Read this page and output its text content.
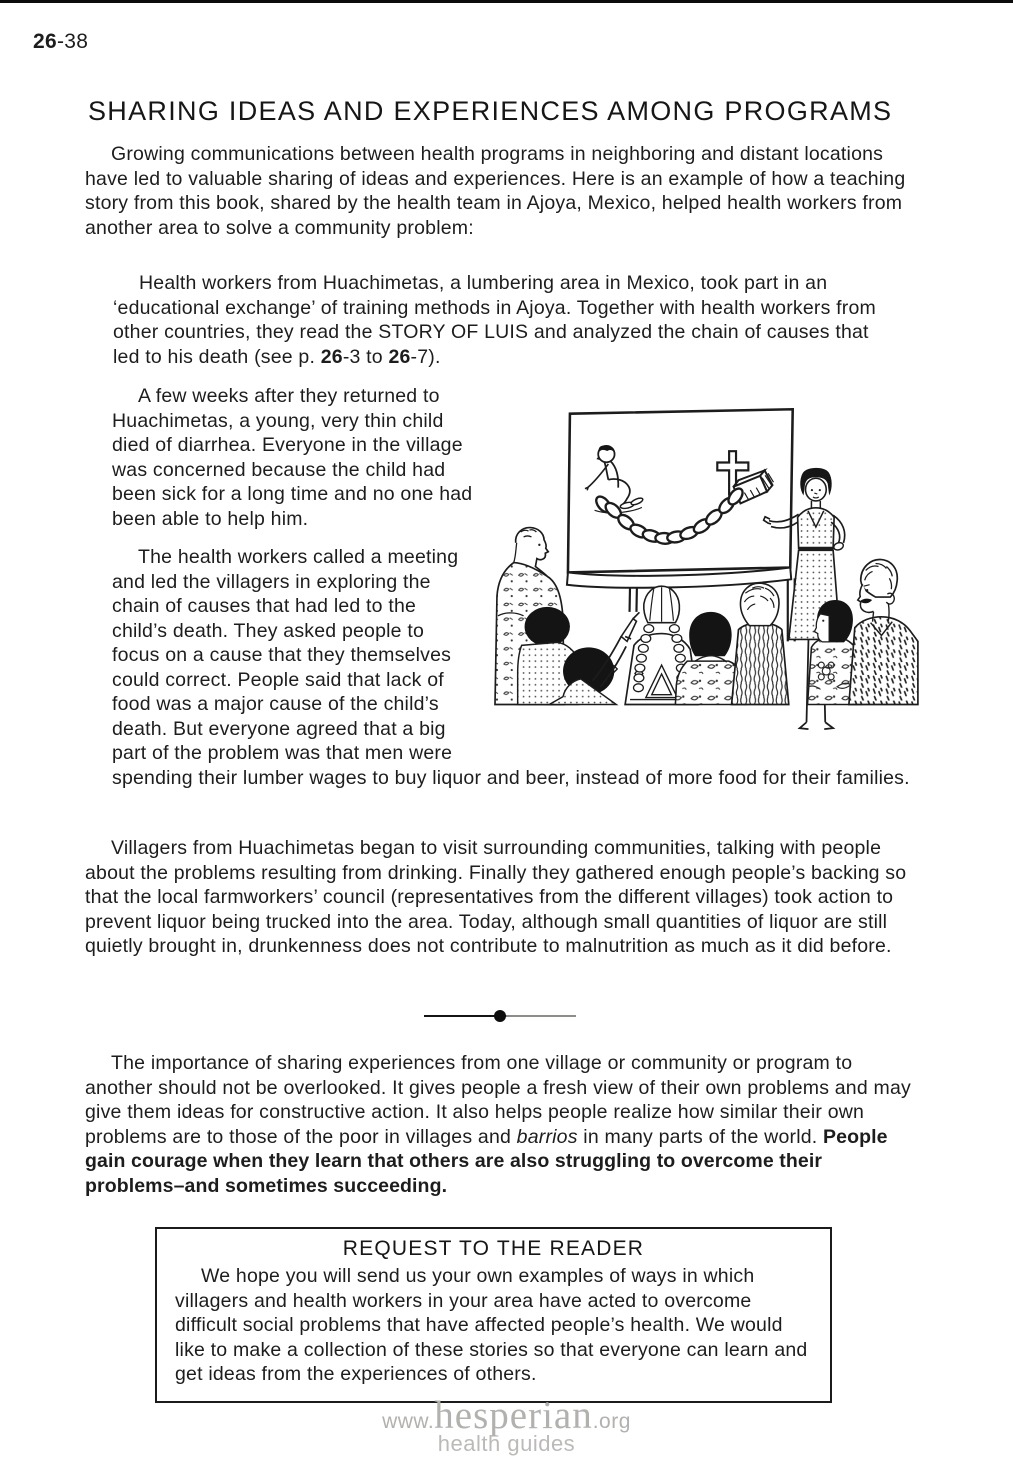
26-38
SHARING IDEAS AND EXPERIENCES AMONG PROGRAMS

Growing communications between health programs in neighboring and distant locations have led to valuable sharing of ideas and experiences. Here is an example of how a teaching story from this book, shared by the health team in Ajoya, Mexico, helped health workers from another area to solve a community problem:

Health workers from Huachimetas, a lumbering area in Mexico, took part in an ‘educational exchange’ of training methods in Ajoya. Together with health workers from other countries, they read the STORY OF LUIS and analyzed the chain of causes that led to his death (see p. 26-3 to 26-7).

A few weeks after they returned to Huachimetas, a young, very thin child died of diarrhea. Everyone in the village was concerned because the child had been sick for a long time and no one had been able to help him.

The health workers called a meeting and led the villagers in exploring the chain of causes that had led to the child’s death. They asked people to focus on a cause that they themselves could correct. People said that lack of food was a major cause of the child’s death. But everyone agreed that a big part of the problem was that men were spending their lumber wages to buy liquor and beer, instead of more food for their families.

Villagers from Huachimetas began to visit surrounding communities, talking with people about the problems resulting from drinking. Finally they gathered enough people’s backing so that the local farmworkers’ council (representatives from the different villages) took action to prevent liquor being trucked into the area. Today, although small quantities of liquor are still quietly brought in, drunkenness does not contribute to malnutrition as much as it did before.

The importance of sharing experiences from one village or community or program to another should not be overlooked. It gives people a fresh view of their own problems and may give them ideas for constructive action. It also helps people realize how similar their own problems are to those of the poor in villages and barrios in many parts of the world. People gain courage when they learn that others are also struggling to overcome their problems–and sometimes succeeding.

REQUEST TO THE READER

We hope you will send us your own examples of ways in which villagers and health workers in your area have acted to overcome difficult social problems that have affected people’s health. We would like to make a collection of these stories so that everyone can learn and get ideas from the experiences of others.

www.hesperian.org
health guides
